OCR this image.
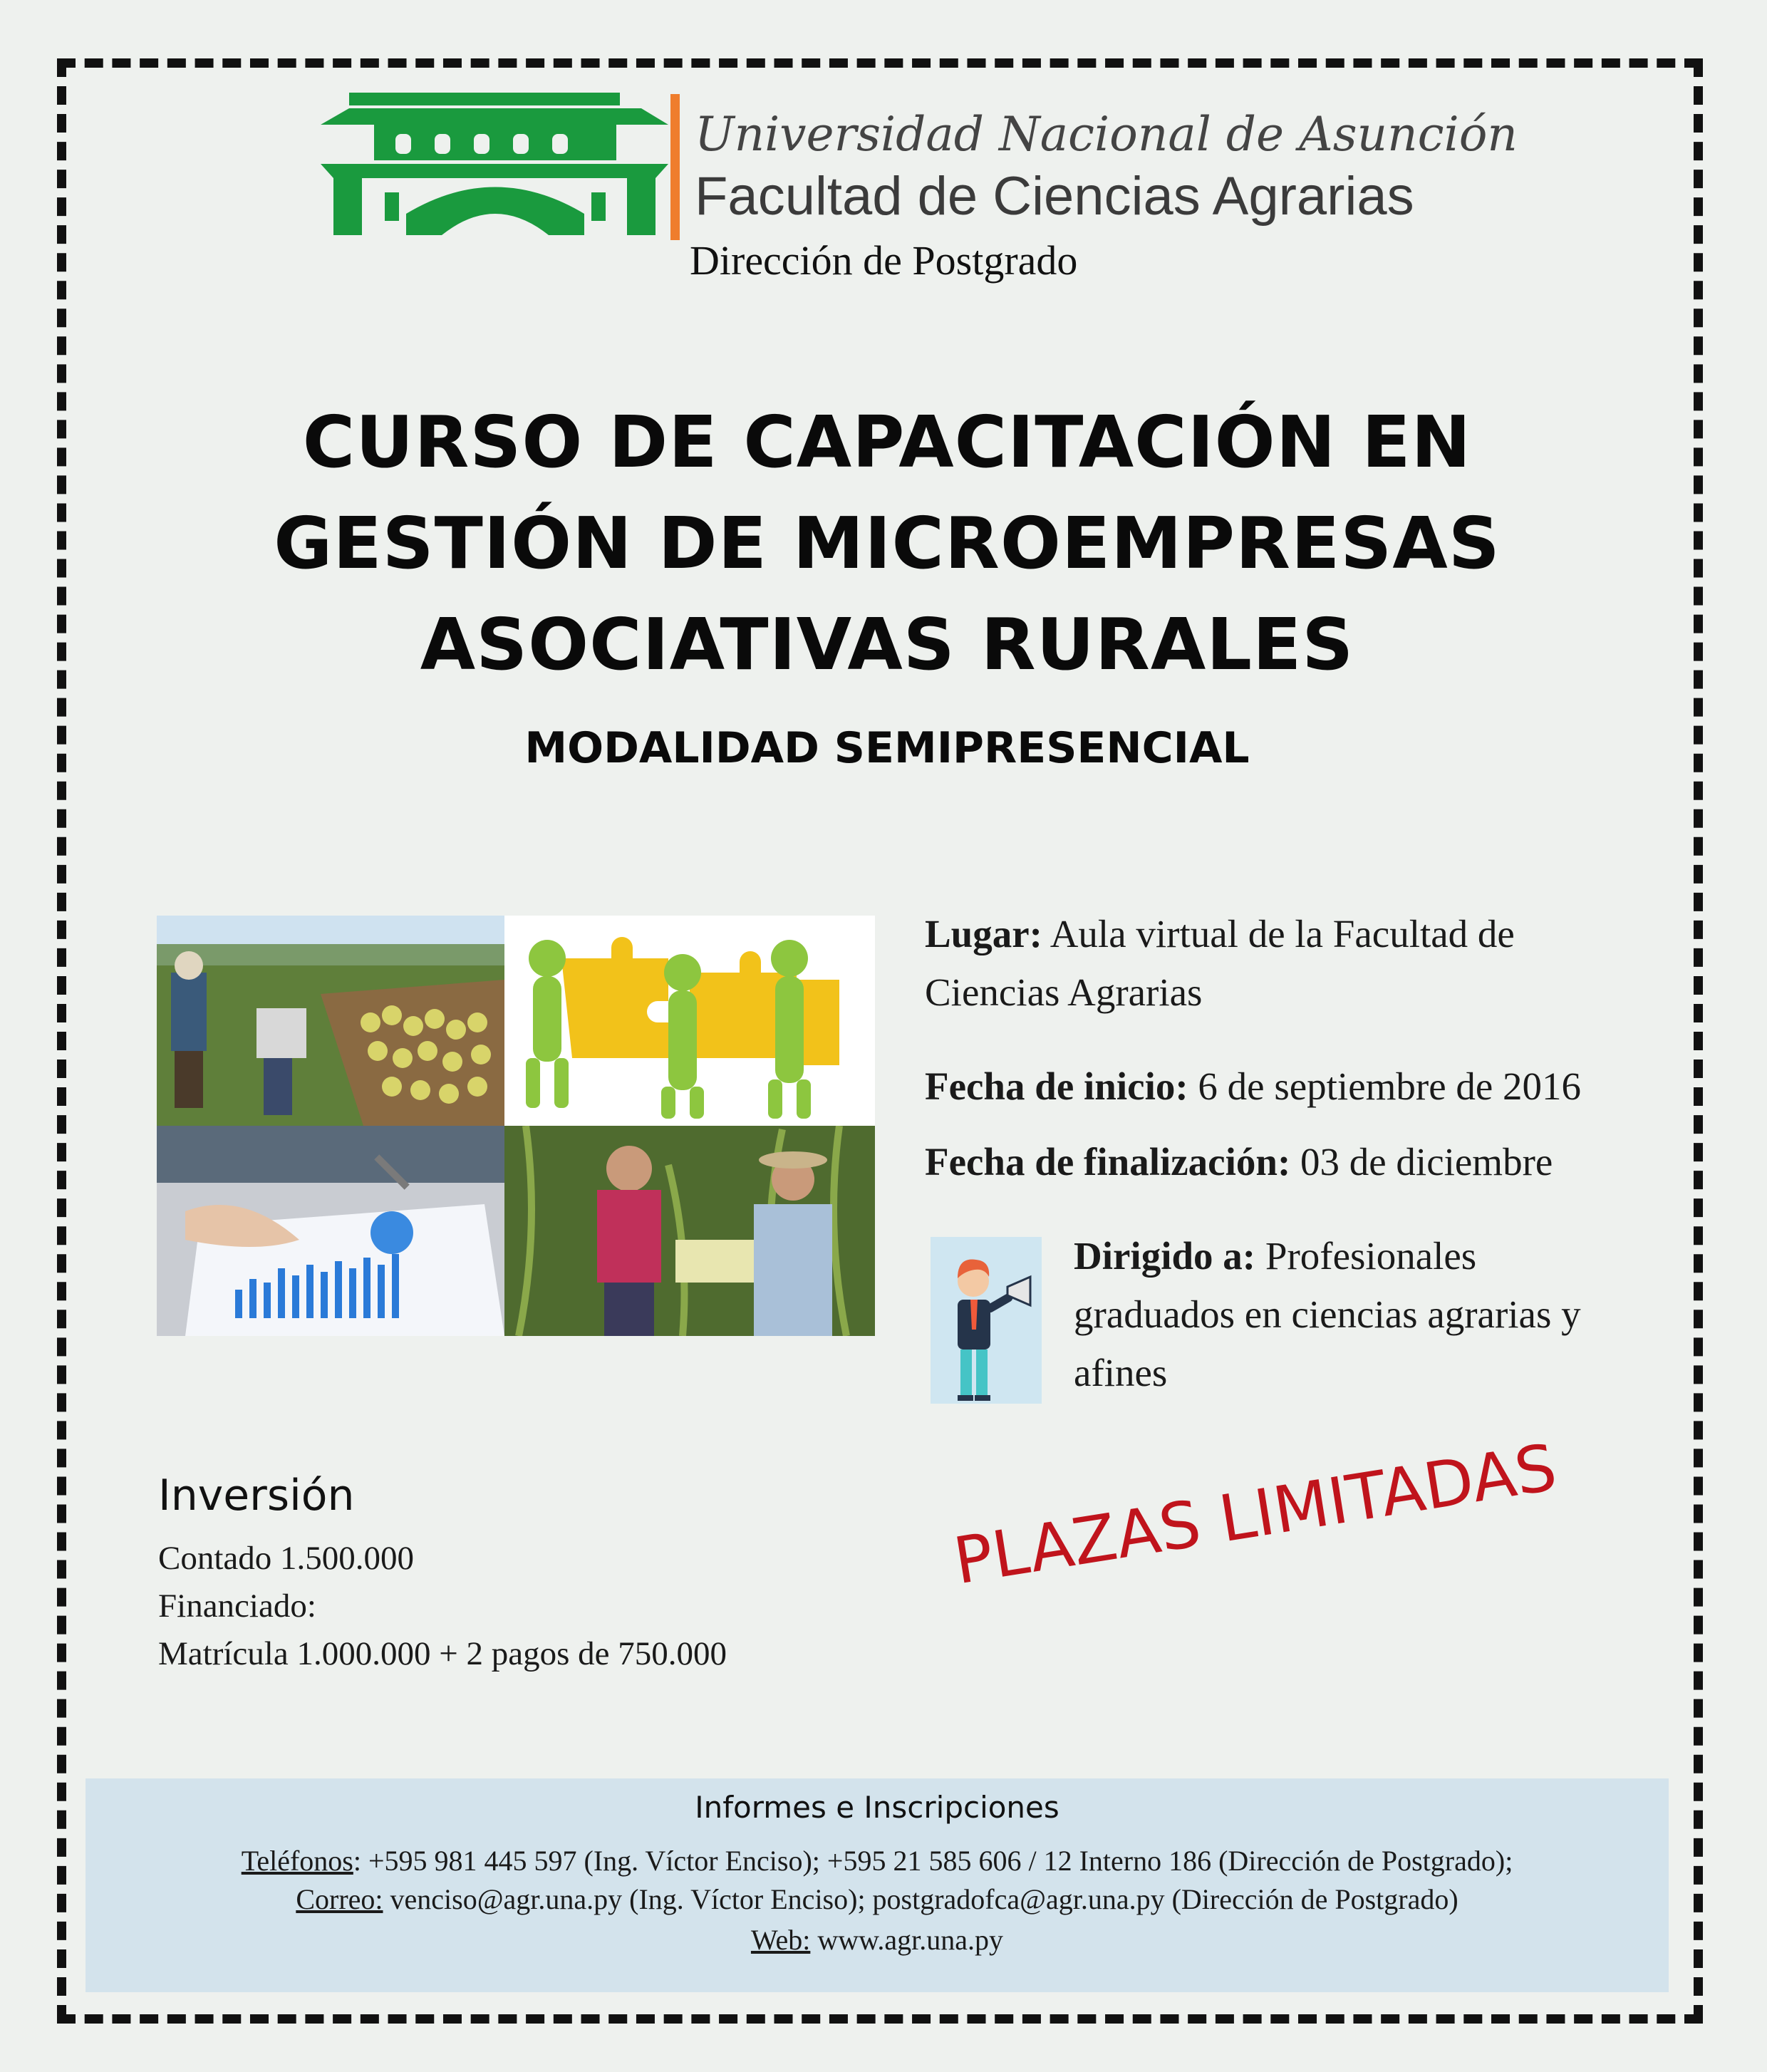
Universidad Nacional de Asunción
Facultad de Ciencias Agrarias
Dirección de Postgrado
CURSO DE CAPACITACIÓN EN
GESTIÓN DE MICROEMPRESAS
ASOCIATIVAS RURALES
MODALIDAD SEMIPRESENCIAL
Lugar: Aula virtual de la Facultad de
Ciencias Agrarias
Fecha de inicio: 6 de septiembre de 2016
Fecha de finalización: 03 de diciembre
Dirigido a: Profesionales
graduados en ciencias agrarias y
afines
Inversión
Contado 1.500.000
Financiado:
Matrícula 1.000.000 + 2 pagos de 750.000
PLAZAS LIMITADAS
Informes e Inscripciones
Teléfonos: +595 981 445 597 (Ing. Víctor Enciso); +595 21 585 606 / 12 Interno 186 (Dirección de Postgrado);
Correo: venciso@agr.una.py (Ing. Víctor Enciso); postgradofca@agr.una.py (Dirección de Postgrado)
Web: www.agr.una.py
